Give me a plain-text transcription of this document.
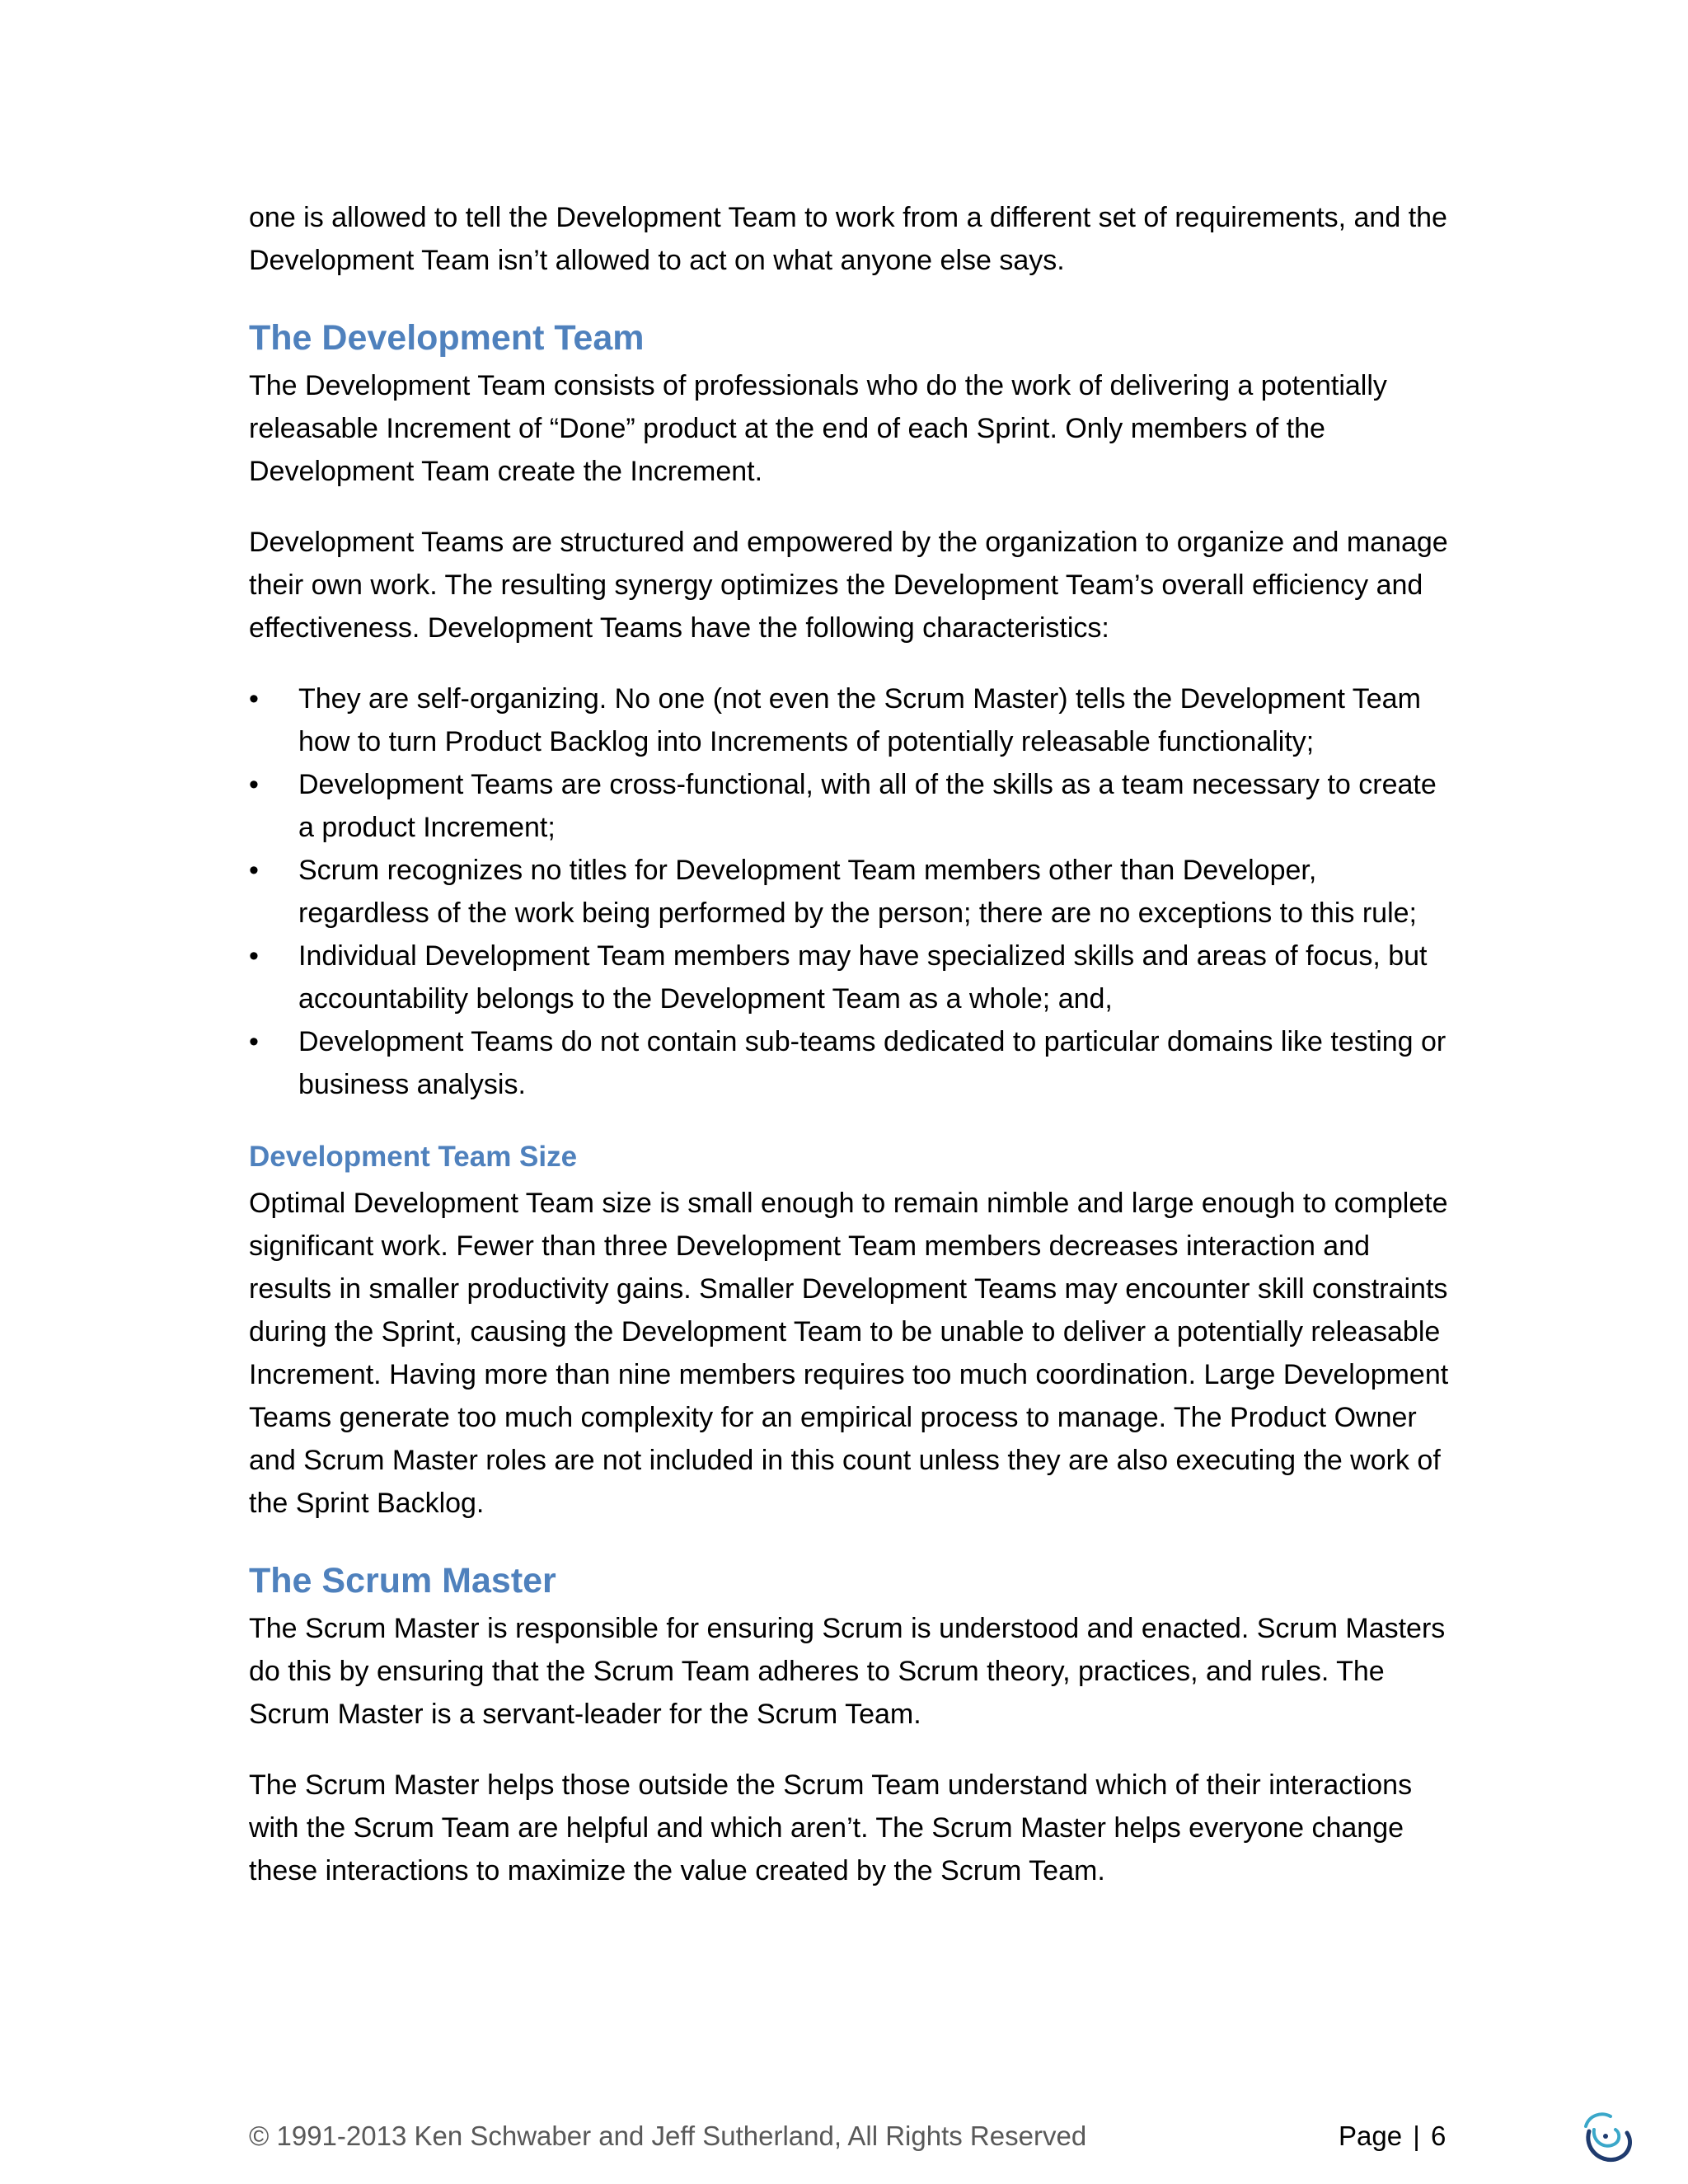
one is allowed to tell the Development Team to work from a different set of requirements, and the Development Team isn’t allowed to act on what anyone else says.

The Development Team

The Development Team consists of professionals who do the work of delivering a potentially releasable Increment of “Done” product at the end of each Sprint. Only members of the Development Team create the Increment.

Development Teams are structured and empowered by the organization to organize and manage their own work. The resulting synergy optimizes the Development Team’s overall efficiency and effectiveness. Development Teams have the following characteristics:

• They are self-organizing. No one (not even the Scrum Master) tells the Development Team how to turn Product Backlog into Increments of potentially releasable functionality;
• Development Teams are cross-functional, with all of the skills as a team necessary to create a product Increment;
• Scrum recognizes no titles for Development Team members other than Developer, regardless of the work being performed by the person; there are no exceptions to this rule;
• Individual Development Team members may have specialized skills and areas of focus, but accountability belongs to the Development Team as a whole; and,
• Development Teams do not contain sub-teams dedicated to particular domains like testing or business analysis.
Development Team Size

Optimal Development Team size is small enough to remain nimble and large enough to complete significant work. Fewer than three Development Team members decreases interaction and results in smaller productivity gains. Smaller Development Teams may encounter skill constraints during the Sprint, causing the Development Team to be unable to deliver a potentially releasable Increment. Having more than nine members requires too much coordination. Large Development Teams generate too much complexity for an empirical process to manage. The Product Owner and Scrum Master roles are not included in this count unless they are also executing the work of the Sprint Backlog.

The Scrum Master

The Scrum Master is responsible for ensuring Scrum is understood and enacted. Scrum Masters do this by ensuring that the Scrum Team adheres to Scrum theory, practices, and rules. The Scrum Master is a servant-leader for the Scrum Team.

The Scrum Master helps those outside the Scrum Team understand which of their interactions with the Scrum Team are helpful and which aren’t. The Scrum Master helps everyone change these interactions to maximize the value created by the Scrum Team.

© 1991-2013 Ken Schwaber and Jeff Sutherland, All Rights Reserved	Page | 6
